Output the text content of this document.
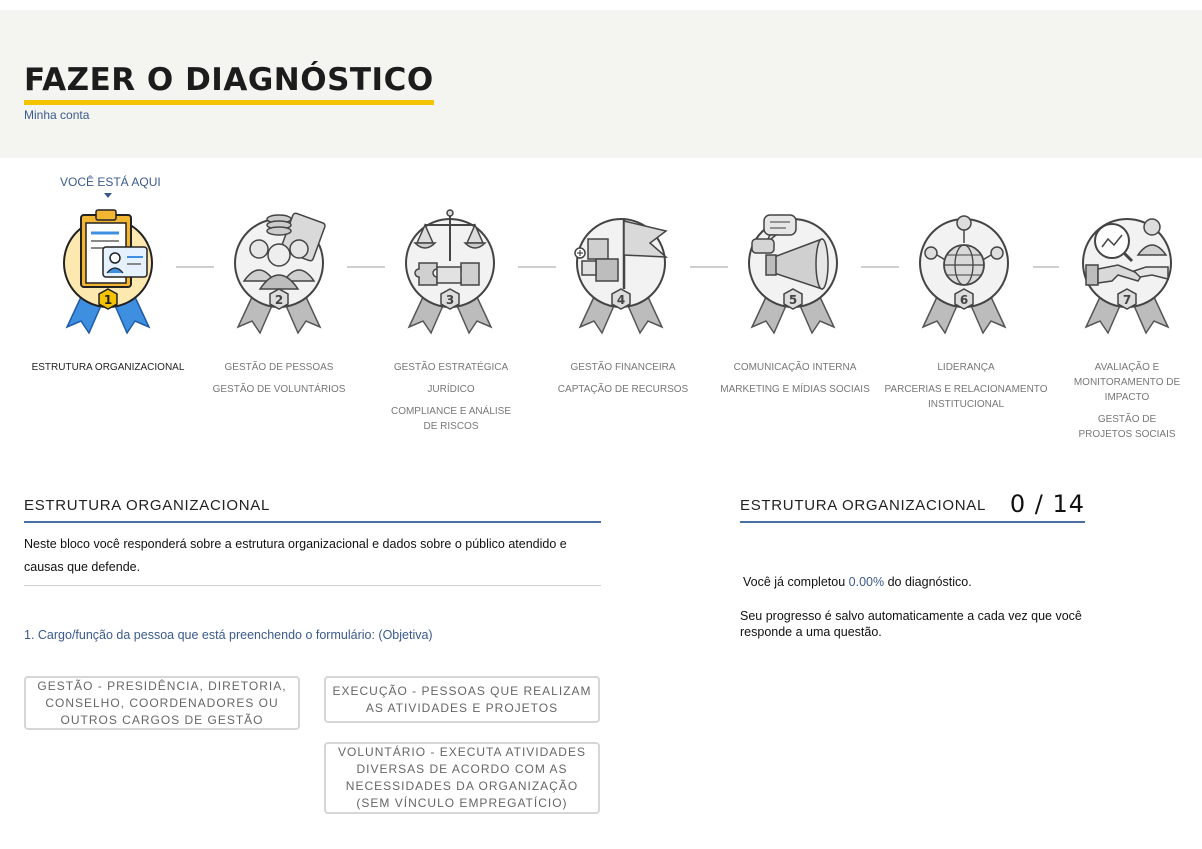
FAZER O DIAGNÓSTICO
Minha conta
VOCÊ ESTÁ AQUI
1	2	3	4	5	6	7
ESTRUTURA ORGANIZACIONAL	GESTÃO DE PESSOAS
GESTÃO DE VOLUNTÁRIOS
GESTÃO ESTRATÉGICA
JURÍDICO
COMPLIANCE E ANÁLISE DE RISCOS
GESTÃO FINANCEIRA
CAPTAÇÃO DE RECURSOS
COMUNICAÇÃO INTERNA
MARKETING E MÍDIAS SOCIAIS
LIDERANÇA
PARCERIAS E RELACIONAMENTO INSTITUCIONAL
AVALIAÇÃO E MONITORAMENTO DE IMPACTO
GESTÃO DE PROJETOS SOCIAIS
ESTRUTURA ORGANIZACIONAL
Neste bloco você responderá sobre a estrutura organizacional e dados sobre o público atendido e causas que defende.
1. Cargo/função da pessoa que está preenchendo o formulário: (Objetiva)
GESTÃO - PRESIDÊNCIA, DIRETORIA, CONSELHO, COORDENADORES OU OUTROS CARGOS DE GESTÃO
EXECUÇÃO - PESSOAS QUE REALIZAM AS ATIVIDADES E PROJETOS
VOLUNTÁRIO - EXECUTA ATIVIDADES DIVERSAS DE ACORDO COM AS NECESSIDADES DA ORGANIZAÇÃO (SEM VÍNCULO EMPREGATÍCIO)
ESTRUTURA ORGANIZACIONAL 0 / 14
Você já completou 0.00% do diagnóstico.
Seu progresso é salvo automaticamente a cada vez que você responde a uma questão.
